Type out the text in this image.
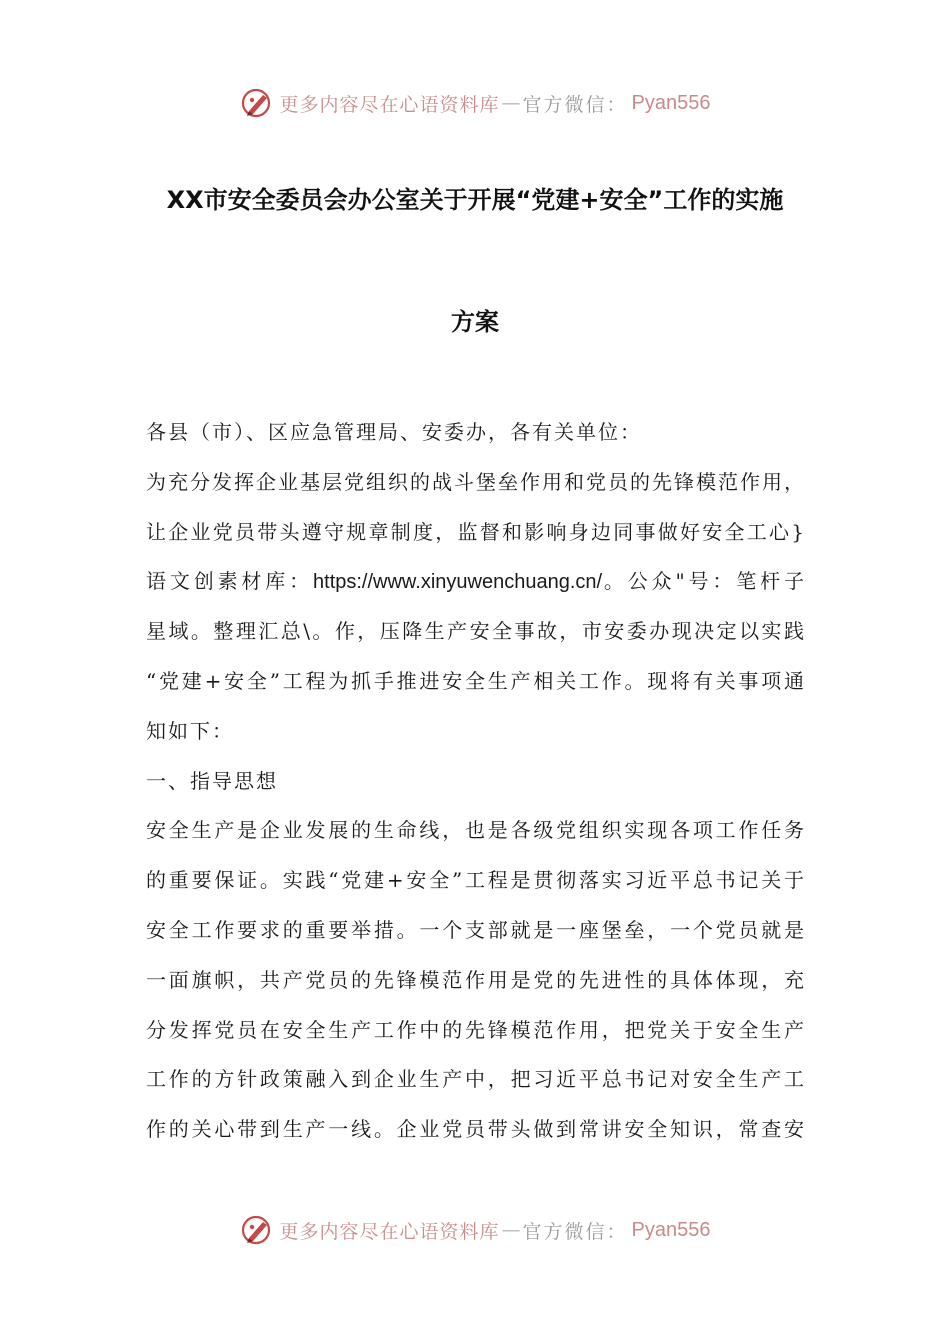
更多内容尽在心语资料库 — 官方微信： Pyan556
XX市安全委员会办公室关于开展“党建+安全”工作的实施
方案
各县（市）、区应急管理局、安委办，各有关单位：
为充分发挥企业基层党组织的战斗堡垒作用和党员的先锋模范作用，
让企业党员带头遵守规章制度，监督和影响身边同事做好安全工心}
语文创素材库：https://www.xinyuwenchuang.cn/。公众"号：笔杆子
星域。整理汇总\。作，压降生产安全事故，市安委办现决定以实践
“党建+安全”工程为抓手推进安全生产相关工作。现将有关事项通
知如下：
一、指导思想
安全生产是企业发展的生命线，也是各级党组织实现各项工作任务
的重要保证。实践“党建+安全”工程是贯彻落实习近平总书记关于
安全工作要求的重要举措。一个支部就是一座堡垒，一个党员就是
一面旗帜，共产党员的先锋模范作用是党的先进性的具体体现，充
分发挥党员在安全生产工作中的先锋模范作用，把党关于安全生产
工作的方针政策融入到企业生产中，把习近平总书记对安全生产工
作的关心带到生产一线。企业党员带头做到常讲安全知识，常查安
更多内容尽在心语资料库 — 官方微信： Pyan556
